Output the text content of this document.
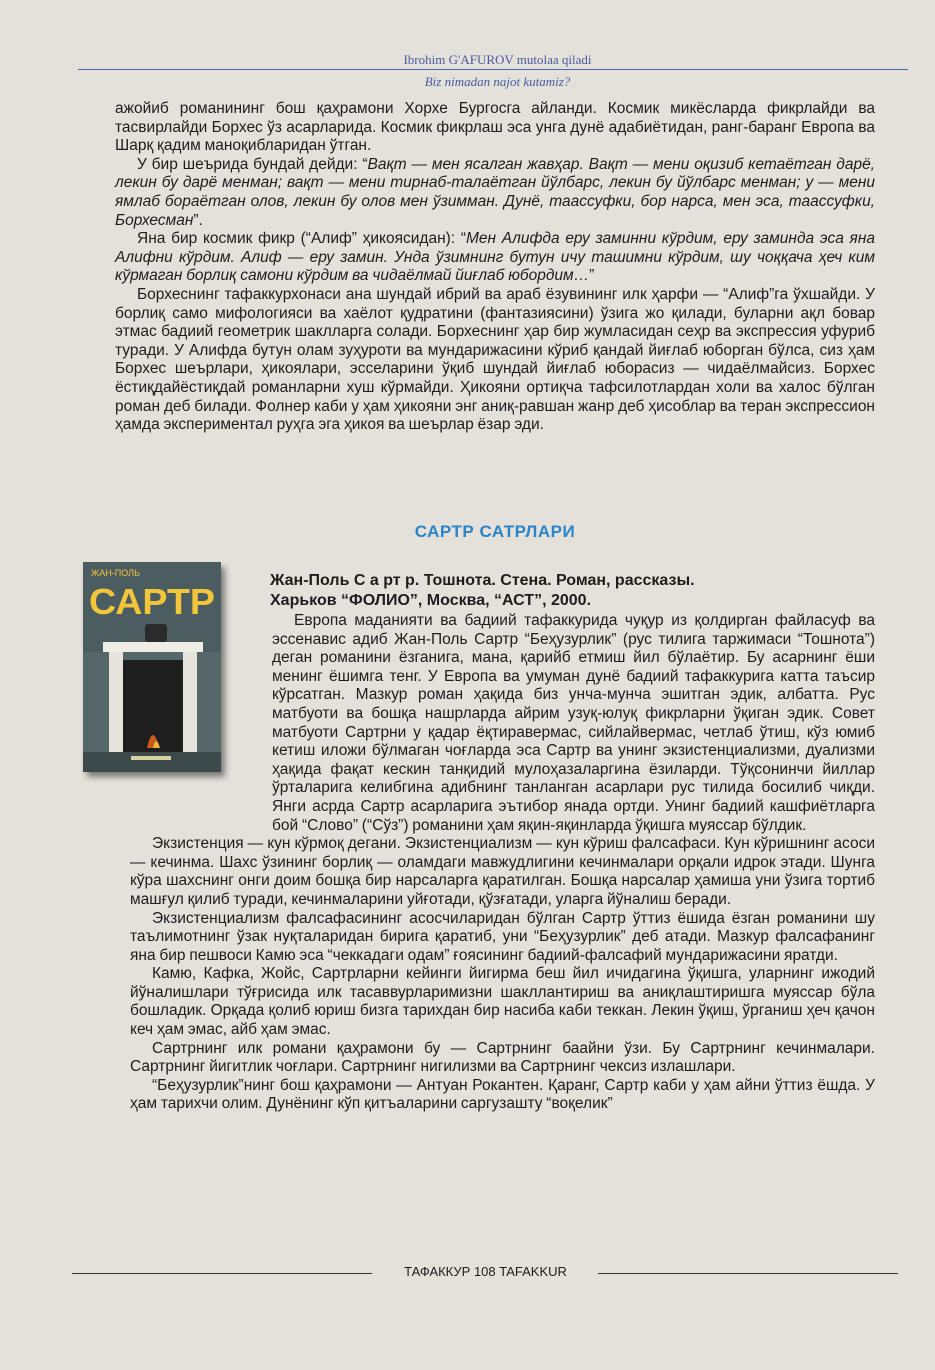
Ibrohim G'AFUROV mutolaa qiladi
Biz nimadan najot kutamiz?

ажойиб романининг бош қаҳрамони Хорхе Бургосга айланди. Космик микёсларда фикрлайди ва тасвирлайди Борхес ўз асарларида. Космик фикрлаш эса унга дунё адабиётидан, ранг-баранг Европа ва Шарқ қадим маноқибларидан ўтган.

У бир шеърида бундай дейди: “Вақт — мен ясалган жавҳар. Вақт — мени оқизиб кетаётган дарё, лекин бу дарё менман; вақт — мени тирнаб-талаётган йўлбарс, лекин бу йўлбарс менман; у — мени ямлаб бораётган олов, лекин бу олов мен ўзимман. Дунё, таассуфки, бор нарса, мен эса, таассуфки, Борхесман”.

Яна бир космик фикр (“Алиф” ҳикоясидан): “Мен Алифда еру заминни кўрдим, еру заминда эса яна Алифни кўрдим. Алиф — еру замин. Унда ўзимнинг бутун ичу ташимни кўрдим, шу чоққача ҳеч ким кўрмаган борлиқ самони кўрдим ва чидаёлмай йиғлаб юбордим…”

Борхеснинг тафаккурхонаси ана шундай ибрий ва араб ёзувининг илк ҳарфи — “Алиф”га ўхшайди. У борлиқ само мифологияси ва хаёлот қудратини (фантазиясини) ўзига жо қилади, буларни ақл бовар этмас бадиий геометрик шаклларга солади. Борхеснинг ҳар бир жумласидан сеҳр ва экспрессия уфуриб туради. У Алифда бутун олам зуҳуроти ва мундарижасини кўриб қандай йиғлаб юборган бўлса, сиз ҳам Борхес шеърлари, ҳикоялари, эсселарини ўқиб шундай йиғлаб юборасиз — чидаёлмайсиз. Борхес ёстиқдайёстиқдай романларни хуш кўрмайди. Ҳикояни ортиқча тафсилотлардан холи ва халос бўлган роман деб билади. Фолнер каби у ҳам ҳикояни энг аниқ-равшан жанр деб ҳисоблар ва теран экспрессион ҳамда экспериментал руҳга эга ҳикоя ва шеърлар ёзар эди.

САРТР САТРЛАРИ
ЖАН-ПОЛЬ
САРТР
Жан-Поль С а рт р. Тошнота. Стена. Роман, рассказы.
Харьков “ФОЛИО”, Москва, “АСТ”, 2000.

Европа маданияти ва бадиий тафаккурида чуқур из қолдирган файласуф ва эссенавис адиб Жан-Поль Сартр “Беҳузурлик” (рус тилига таржимаси “Тошнота”) деган романини ёзганига, мана, қарийб етмиш йил бўлаётир. Бу асарнинг ёши менинг ёшимга тенг. У Европа ва умуман дунё бадиий тафаккурига катта таъсир кўрсатган. Мазкур роман ҳақида биз унча-мунча эшитган эдик, албатта. Рус матбуоти ва бошқа нашрлардa айрим узуқ-юлуқ фикрларни ўқиган эдик. Совет матбуоти Сартрни у қадар ёқтиравермас, сийлайвермас, четлаб ўтиш, кўз юмиб кетиш иложи бўлмаган чоғларда эса Сартр ва унинг экзистенциализми, дуализми ҳақида фақат кескин танқидий мулоҳазаларгина ёзиларди. Тўқсонинчи йиллар ўрталарига келибгина адибнинг танланган асарлари рус тилида босилиб чиқди. Янги асрда Сартр асарларига эътибор янада ортди. Унинг бадиий кашфиётларга бой “Слово” (“Сўз”) романини ҳам яқин-яқинларда ўқишга муяссар бўлдик.

Экзистенция — кун кўрмоқ дегани. Экзистенциализм — кун кўриш фалсафаси. Кун кўришнинг асоси — кечинма. Шахс ўзининг борлиқ — оламдаги мавжудлигини кечинмалари орқали идрок этади. Шунга кўра шахснинг онги доим бошқа бир нарсаларга қаратилган. Бошқа нарсалар ҳамиша уни ўзига тортиб машғул қилиб туради, кечинмаларини уйғотади, қўзғатади, уларга йўналиш беради.

Экзистенциализм фалсафасининг асосчиларидан бўлган Сартр ўттиз ёшида ёзган романини шу таълимотнинг ўзак нуқталаридан бирига қаратиб, уни “Беҳузурлик” деб атади. Мазкур фалсафанинг яна бир пешвоси Камю эса “чеккадаги одам” ғоясининг бадиий-фалсафий мундарижасини яратди.

Камю, Кафка, Жойс, Сартрларни кейинги йигирма беш йил ичидагина ўқишга, уларнинг ижодий йўналишлари тўғрисида илк тасаввурларимизни шакллантириш ва аниқлаштиришга муяссар бўла бошладик. Орқада қолиб юриш бизга тарихдан бир насиба каби теккан. Лекин ўқиш, ўрганиш ҳеч қачон кеч ҳам эмас, айб ҳам эмас.

Сартрнинг илк романи қаҳрамони бу — Сартрнинг баайни ўзи. Бу Сартрнинг кечинмалари. Сартрнинг йигитлик чоғлари. Сартрнинг нигилизми ва Сартрнинг чексиз излашлари.

“Беҳузурлик”нинг бош қаҳрамони — Антуан Рокантен. Қаранг, Сартр каби у ҳам айни ўттиз ёшда. У ҳам тарихчи олим. Дунёнинг кўп қитъаларини саргузашту “воқелик”

ТАФАККУР 108 TAFAKKUR
